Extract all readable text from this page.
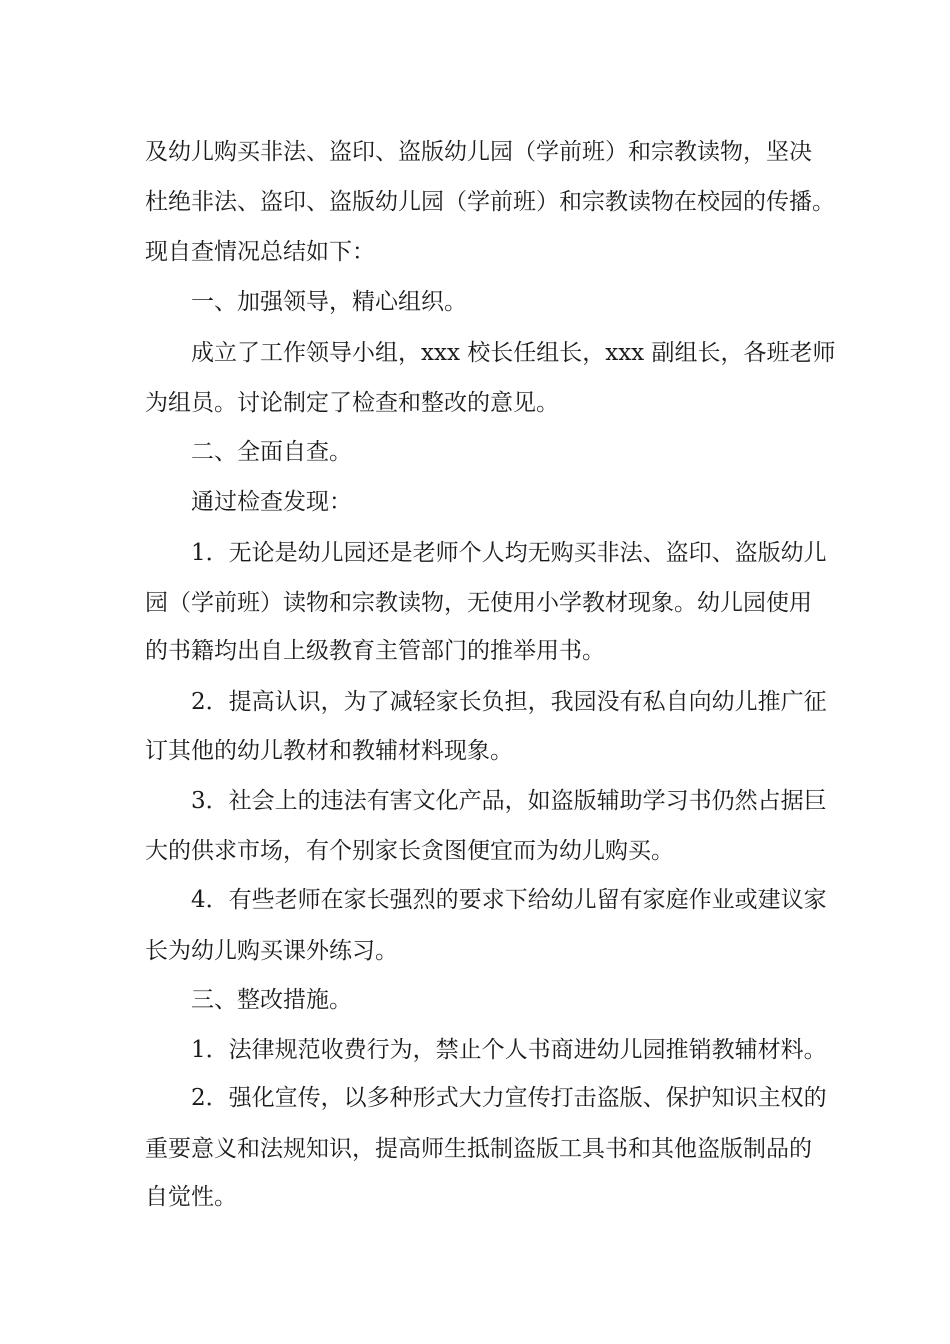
及幼儿购买非法、盗印、盗版幼儿园（学前班）和宗教读物，坚决
杜绝非法、盗印、盗版幼儿园（学前班）和宗教读物在校园的传播。
现自查情况总结如下：
一、加强领导，精心组织。
成立了工作领导小组，xxx 校长任组长，xxx 副组长，各班老师
为组员。讨论制定了检查和整改的意见。
二、全面自查。
通过检查发现：
1．无论是幼儿园还是老师个人均无购买非法、盗印、盗版幼儿
园（学前班）读物和宗教读物，无使用小学教材现象。幼儿园使用
的书籍均出自上级教育主管部门的推举用书。
2．提高认识，为了减轻家长负担，我园没有私自向幼儿推广征
订其他的幼儿教材和教辅材料现象。
3．社会上的违法有害文化产品，如盗版辅助学习书仍然占据巨
大的供求市场，有个别家长贪图便宜而为幼儿购买。
4．有些老师在家长强烈的要求下给幼儿留有家庭作业或建议家
长为幼儿购买课外练习。
三、整改措施。
1．法律规范收费行为，禁止个人书商进幼儿园推销教辅材料。
2．强化宣传，以多种形式大力宣传打击盗版、保护知识主权的
重要意义和法规知识，提高师生抵制盗版工具书和其他盗版制品的
自觉性。
